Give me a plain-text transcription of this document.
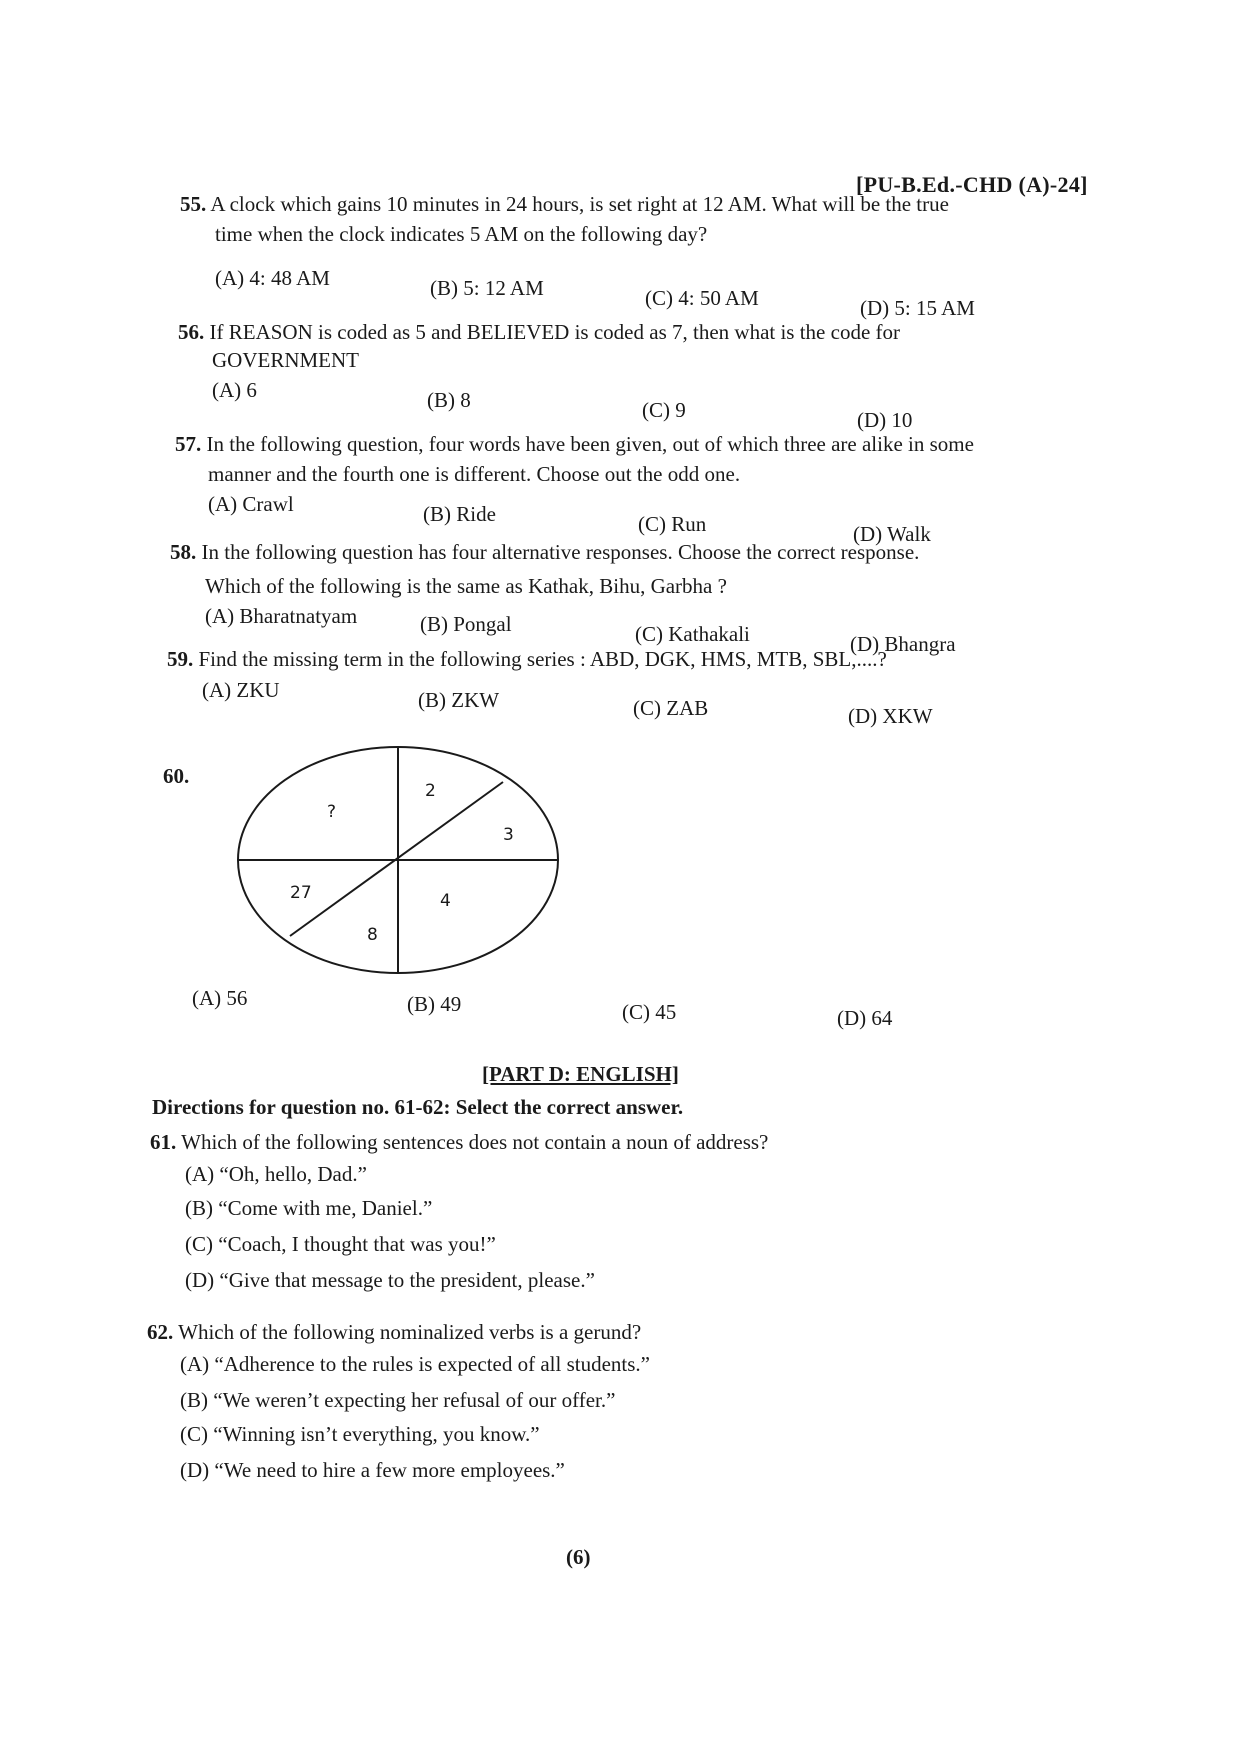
[PU-B.Ed.-CHD (A)-24]
55. A clock which gains 10 minutes in 24 hours, is set right at 12 AM. What will be the true
time when the clock indicates 5 AM on the following day?
(A) 4: 48 AM	(B) 5: 12 AM	(C) 4: 50 AM	(D) 5: 15 AM
56. If REASON is coded as 5 and BELIEVED is coded as 7, then what is the code for
GOVERNMENT
(A) 6	(B) 8	(C) 9	(D) 10
57. In the following question, four words have been given, out of which three are alike in some
manner and the fourth one is different. Choose out the odd one.
(A) Crawl	(B) Ride	(C) Run	(D) Walk
58. In the following question has four alternative responses. Choose the correct response.
Which of the following is the same as Kathak, Bihu, Garbha ?
(A) Bharatnatyam	(B) Pongal	(C) Kathakali	(D) Bhangra
59. Find the missing term in the following series : ABD, DGK, HMS, MTB, SBL,....?
(A) ZKU	(B) ZKW	(C) ZAB	(D) XKW
60.
?
2
3
27	4
8
(A) 56	(B) 49	(C) 45	(D) 64
[PART D: ENGLISH]
Directions for question no. 61-62: Select the correct answer.
61. Which of the following sentences does not contain a noun of address?
(A) “Oh, hello, Dad.”
(B) “Come with me, Daniel.”
(C) “Coach, I thought that was you!”
(D) “Give that message to the president, please.”
62. Which of the following nominalized verbs is a gerund?
(A) “Adherence to the rules is expected of all students.”
(B) “We weren’t expecting her refusal of our offer.”
(C) “Winning isn’t everything, you know.”
(D) “We need to hire a few more employees.”
(6)
